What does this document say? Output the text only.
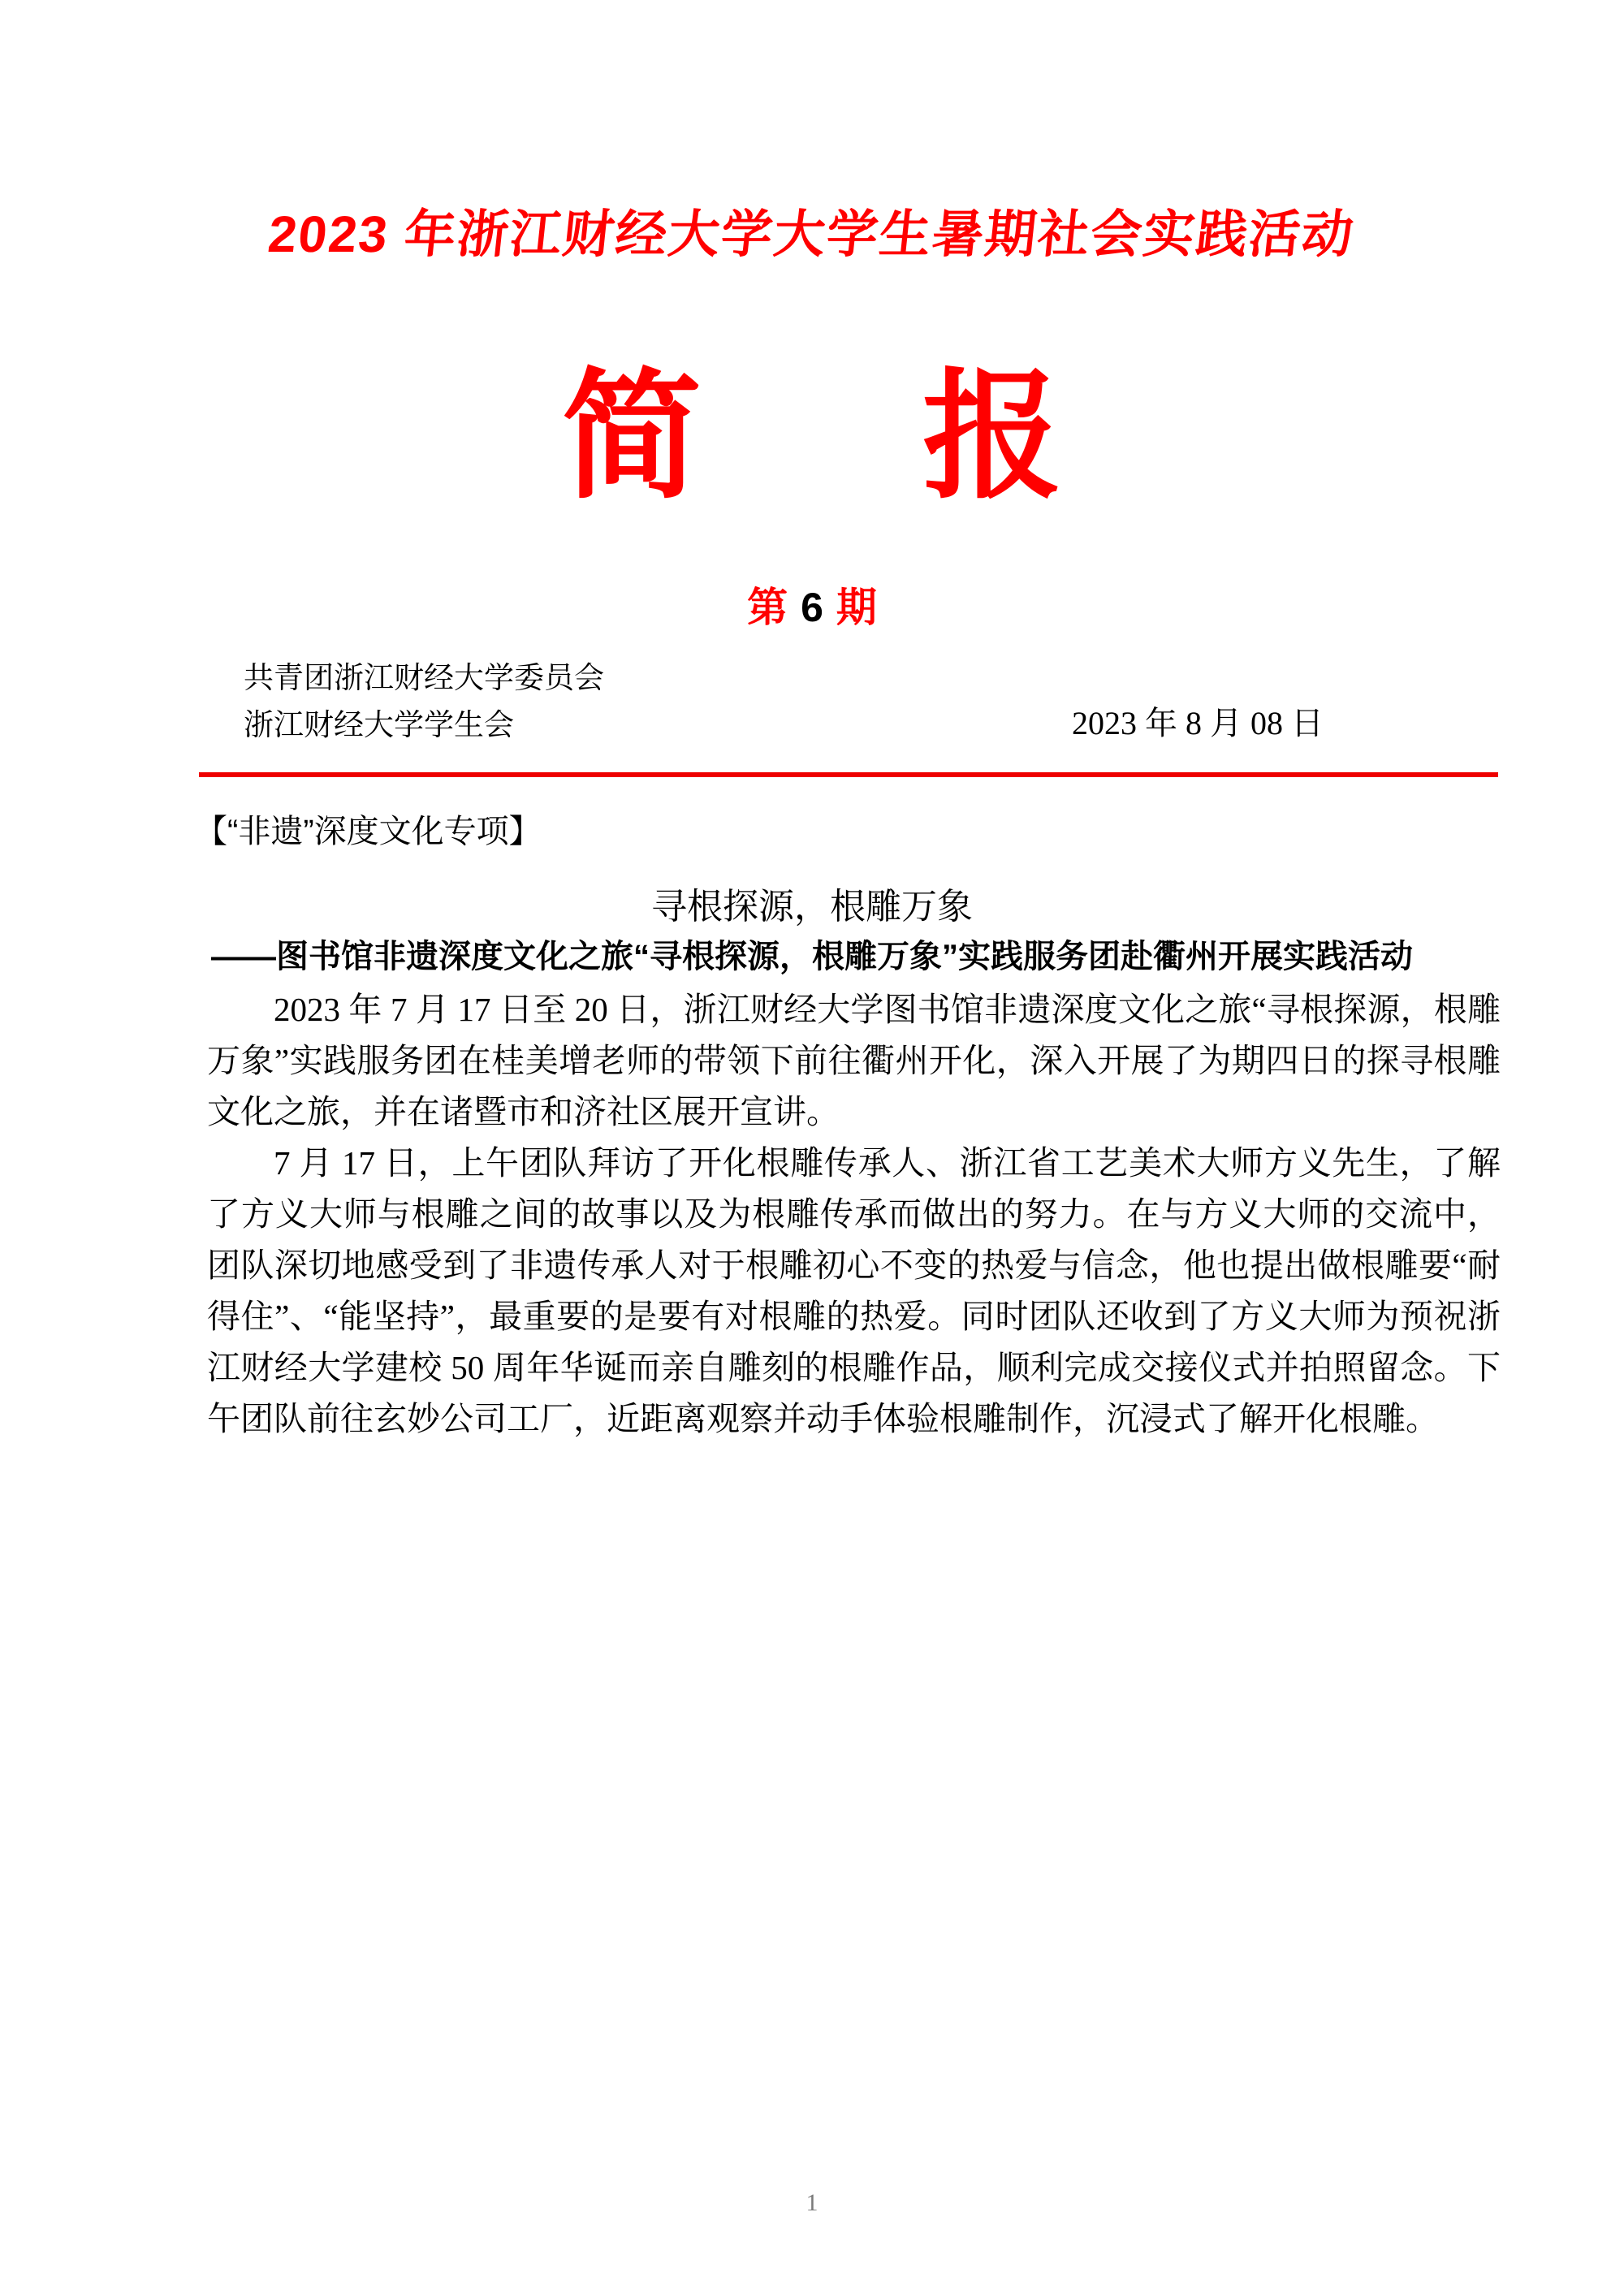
2023 年浙江财经大学大学生暑期社会实践活动
简 报
第 6 期
共青团浙江财经大学委员会
浙江财经大学学生会	2023 年 8 月 08 日
【“非遗”深度文化专项】
寻根探源，根雕万象
——图书馆非遗深度文化之旅“寻根探源，根雕万象”实践服务团赴衢州开展实践活动

2023 年 7 月 17 日至 20 日，浙江财经大学图书馆非遗深度文化之旅“寻根探源，根雕万象”实践服务团在桂美增老师的带领下前往衢州开化，深入开展了为期四日的探寻根雕文化之旅，并在诸暨市和济社区展开宣讲。

7 月 17 日，上午团队拜访了开化根雕传承人、浙江省工艺美术大师方义先生，了解了方义大师与根雕之间的故事以及为根雕传承而做出的努力。在与方义大师的交流中，团队深切地感受到了非遗传承人对于根雕初心不变的热爱与信念，他也提出做根雕要“耐得住”、“能坚持”，最重要的是要有对根雕的热爱。同时团队还收到了方义大师为预祝浙江财经大学建校 50 周年华诞而亲自雕刻的根雕作品，顺利完成交接仪式并拍照留念。下午团队前往玄妙公司工厂，近距离观察并动手体验根雕制作，沉浸式了解开化根雕。

1
